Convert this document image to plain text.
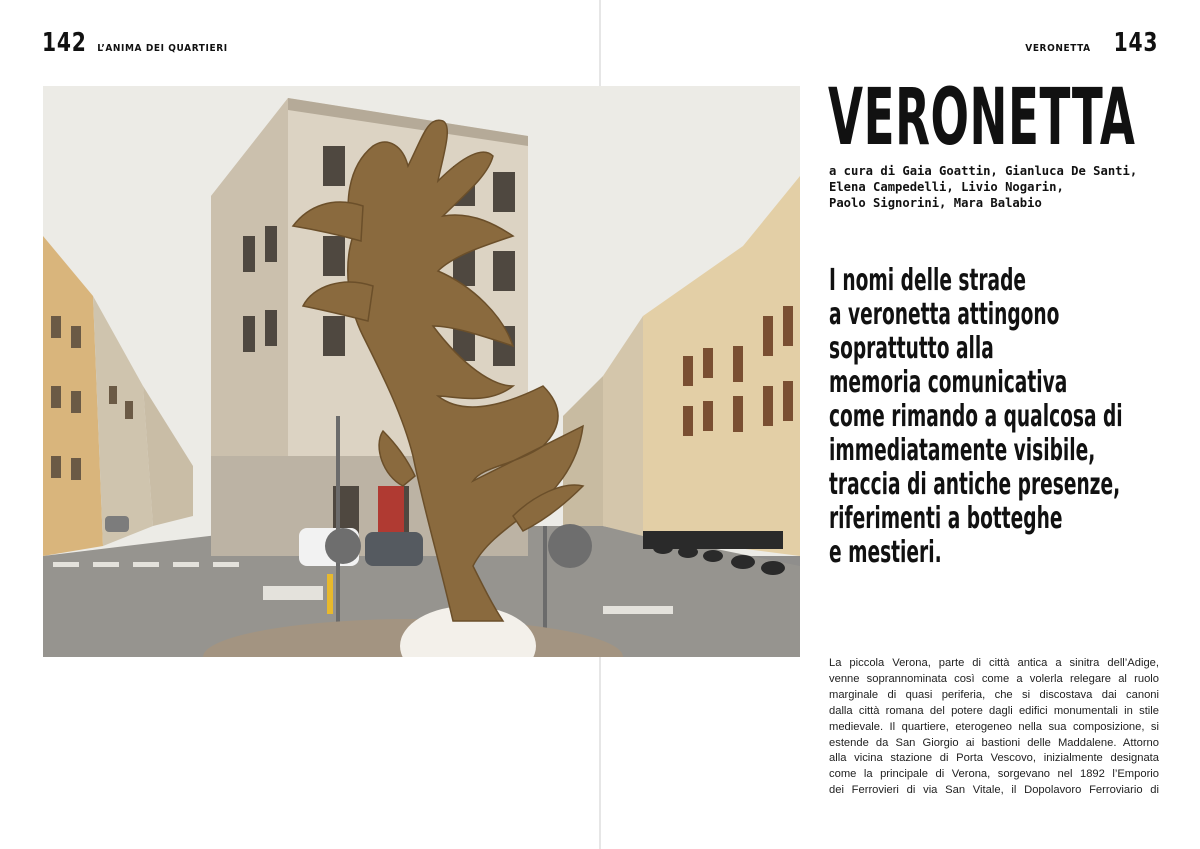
142 L’ANIMA DEI QUARTIERI	VERONETTA 143
VERONETTA
a cura di Gaia Goattin, Gianluca De Santi,
Elena Campedelli, Livio Nogarin,
Paolo Signorini, Mara Balabio
I nomi delle strade
a veronetta attingono
soprattutto alla
memoria comunicativa
come rimando a qualcosa di
immediatamente visibile,
traccia di antiche presenze,
riferimenti a botteghe
e mestieri.
La piccola Verona, parte di città antica a sinitra dell’Adige,
venne soprannominata così come a volerla relegare al ruolo
marginale di quasi periferia, che si discostava dai canoni
dalla città romana del potere dagli edifici monumentali in stile
medievale. Il quartiere, eterogeneo nella sua composizione, si
estende da San Giorgio ai bastioni delle Maddalene. Attorno
alla vicina stazione di Porta Vescovo, inizialmente designata
come la principale di Verona, sorgevano nel 1892 l’Emporio
dei Ferrovieri di via San Vitale, il Dopolavoro Ferroviario di
